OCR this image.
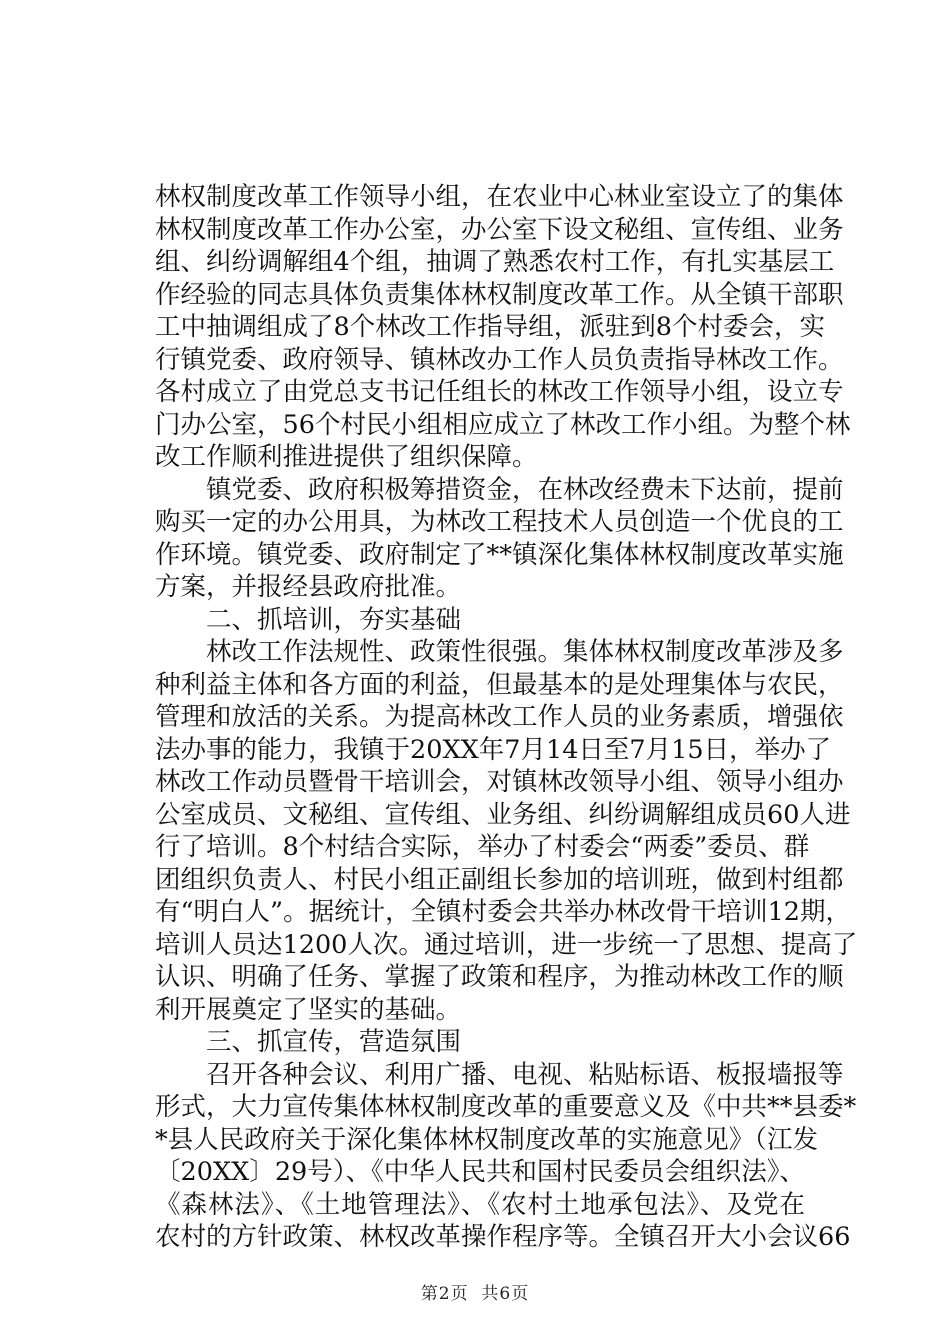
林权制度改革工作领导小组，在农业中心林业室设立了的集体
林权制度改革工作办公室，办公室下设文秘组、宣传组、业务
组、纠纷调解组4个组，抽调了熟悉农村工作，有扎实基层工
作经验的同志具体负责集体林权制度改革工作。从全镇干部职
工中抽调组成了8个林改工作指导组，派驻到8个村委会，实
行镇党委、政府领导、镇林改办工作人员负责指导林改工作。
各村成立了由党总支书记任组长的林改工作领导小组，设立专
门办公室，56个村民小组相应成立了林改工作小组。为整个林
改工作顺利推进提供了组织保障。
　　镇党委、政府积极筹措资金，在林改经费未下达前，提前
购买一定的办公用具，为林改工程技术人员创造一个优良的工
作环境。镇党委、政府制定了**镇深化集体林权制度改革实施
方案，并报经县政府批准。
　　二、抓培训，夯实基础
　　林改工作法规性、政策性很强。集体林权制度改革涉及多
种利益主体和各方面的利益，但最基本的是处理集体与农民，
管理和放活的关系。为提高林改工作人员的业务素质，增强依
法办事的能力，我镇于20XX年7月14日至7月15日，举办了
林改工作动员暨骨干培训会，对镇林改领导小组、领导小组办
公室成员、文秘组、宣传组、业务组、纠纷调解组成员60人进
行了培训。8个村结合实际，举办了村委会“两委”委员、群
团组织负责人、村民小组正副组长参加的培训班，做到村组都
有“明白人”。据统计，全镇村委会共举办林改骨干培训12期，
培训人员达1200人次。通过培训，进一步统一了思想、提高了
认识、明确了任务、掌握了政策和程序，为推动林改工作的顺
利开展奠定了坚实的基础。
　　三、抓宣传，营造氛围
　　召开各种会议、利用广播、电视、粘贴标语、板报墙报等
形式，大力宣传集体林权制度改革的重要意义及《中共**县委*
*县人民政府关于深化集体林权制度改革的实施意见》（江发
〔20XX〕29号）、《中华人民共和国村民委员会组织法》、
《森林法》、《土地管理法》、《农村土地承包法》、及党在
农村的方针政策、林权改革操作程序等。全镇召开大小会议66
第2页  共6页
